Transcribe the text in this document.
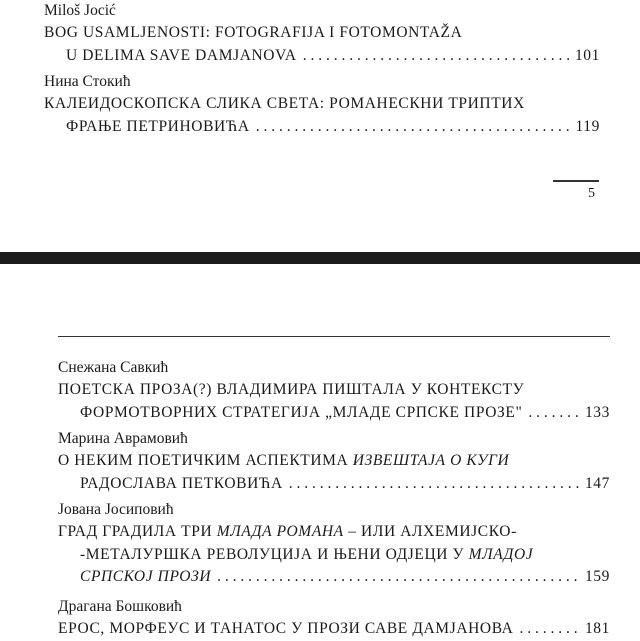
Miloš Jocić
BOG USAMLJENOSTI: FOTOGRAFIJA I FOTOMONTAŽA
U DELIMA SAVE DAMJANOVA . . .	101
Нина Стокић
КАЛЕИДОСКОПСКА СЛИКА СВЕТА: РОМАНЕСКНИ ТРИПТИХ
ФРАЊЕ ПЕТРИНОВИЋА . . .	119
5
Снежана Савкић
ПОЕТСКА ПРОЗА(?) ВЛАДИМИРА ПИШТАЛА У КОНТЕКСТУ
ФОРМОТВОРНИХ СТРАТЕГИЈА „МЛАДЕ СРПСКЕ ПРОЗЕ" . . .	133
Марина Аврамовић
О НЕКИМ ПОЕТИЧКИМ АСПЕКТИМА ИЗВЕШТАЈА О КУГИ
РАДОСЛАВА ПЕТКОВИЋА . . .	147
Јована Јосиповић
ГРАД ГРАДИЛА ТРИ МЛАДА РОМАНА – ИЛИ АЛХЕМИЈСКО-
-МЕТАЛУРШКА РЕВОЛУЦИЈА И ЊЕНИ ОДЈЕЦИ У МЛАДОЈ
СРПСКОЈ ПРОЗИ . . .	159
Драгана Бошковић
ЕРОС, МОРФЕУС И ТАНАТОС У ПРОЗИ САВЕ ДАМЈАНОВА . . .	181
